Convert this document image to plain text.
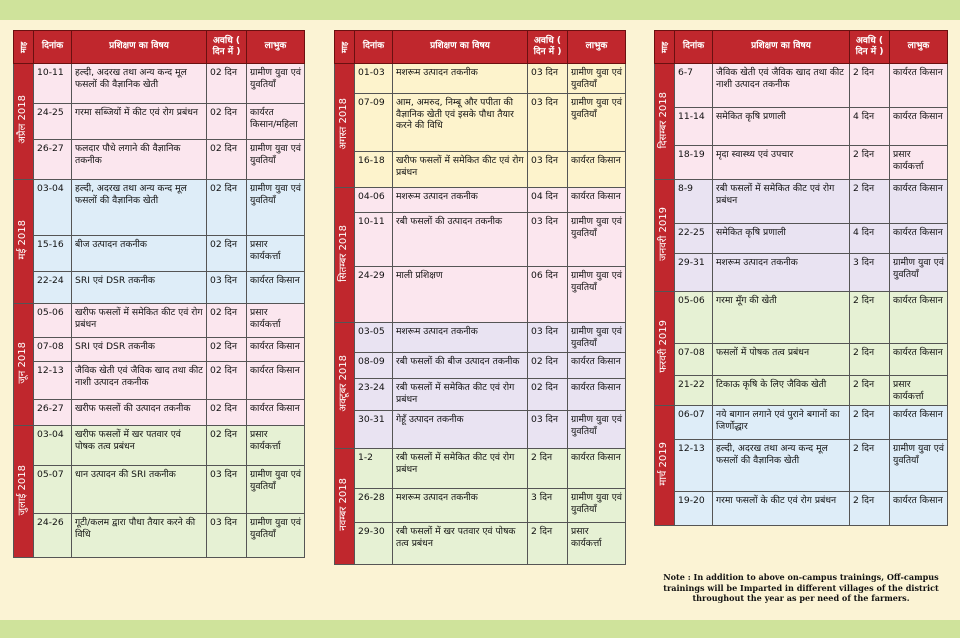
माह	दिनांक	प्रशिक्षण का विषय	अवधि ( दिन में )	लाभुक
अप्रैल 2018	10-11	हल्दी, अदरख तथा अन्य कन्द मूल फसलों की वैज्ञानिक खेती	02 दिन	ग्रामीण युवा एवं युवतियाँ
	24-25	गरमा सब्जियों में कीट एवं रोग प्रबंधन	02 दिन	कार्यरत किसान/महिला
	26-27	फलदार पौधे लगाने की वैज्ञानिक तकनीक	02 दिन	ग्रामीण युवा एवं युवतियाँ
मई 2018	03-04	हल्दी, अदरख तथा अन्य कन्द मूल फसलों की वैज्ञानिक खेती	02 दिन	ग्रामीण युवा एवं युवतियाँ
	15-16	बीज उत्पादन तकनीक	02 दिन	प्रसार कार्यकर्त्ता
	22-24	SRI एवं DSR तकनीक	03 दिन	कार्यरत किसान
जून 2018	05-06	खरीफ फसलों में समेकित कीट एवं रोग प्रबंधन	02 दिन	प्रसार कार्यकर्त्ता
	07-08	SRI एवं DSR तकनीक	02 दिन	कार्यरत किसान
	12-13	जैविक खेती एवं जैविक खाद तथा कीट नाशी उत्पादन तकनीक	02 दिन	कार्यरत किसान
	26-27	खरीफ फसलों की उत्पादन तकनीक	02 दिन	कार्यरत किसान
जुलाई 2018	03-04	खरीफ फसलों में खर पतवार एवं पोषक तत्व प्रबंधन	02 दिन	प्रसार कार्यकर्त्ता
	05-07	धान उत्पादन की SRI तकनीक	03 दिन	ग्रामीण युवा एवं युवतियाँ
	24-26	गूटी/कलम द्वारा पौधा तैयार करने की विधि	03 दिन	ग्रामीण युवा एवं युवतियाँ
माह	दिनांक	प्रशिक्षण का विषय	अवधि ( दिन में )	लाभुक
अगस्त 2018	01-03	मशरूम उत्पादन तकनीक	03 दिन	ग्रामीण युवा एवं युवतियाँ
	07-09	आम, अमरुद, निम्बू और पपीता की वैज्ञानिक खेती एवं इसके पौधा तैयार करने की विधि	03 दिन	ग्रामीण युवा एवं युवतियाँ
	16-18	खरीफ फसलों में समेकित कीट एवं रोग प्रबंधन	03 दिन	कार्यरत किसान
सितम्बर 2018	04-06	मशरूम उत्पादन तकनीक	04 दिन	कार्यरत किसान
	10-11	रबी फसलों की उत्पादन तकनीक	03 दिन	ग्रामीण युवा एवं युवतियाँ
	24-29	माली प्रशिक्षण	06 दिन	ग्रामीण युवा एवं युवतियाँ
अक्टूबर 2018	03-05	मशरूम उत्पादन तकनीक	03 दिन	ग्रामीण युवा एवं युवतियाँ
	08-09	रबी फसलों की बीज उत्पादन तकनीक	02 दिन	कार्यरत किसान
	23-24	रबी फसलों में समेकित कीट एवं रोग प्रबंधन	02 दिन	कार्यरत किसान
	30-31	गेहूँ उत्पादन तकनीक	03 दिन	ग्रामीण युवा एवं युवतियाँ
नवम्बर 2018	1-2	रबी फसलों में समेकित कीट एवं रोग प्रबंधन	2 दिन	कार्यरत किसान
	26-28	मशरूम उत्पादन तकनीक	3 दिन	ग्रामीण युवा एवं युवतियाँ
	29-30	रबी फसलों में खर पतवार एवं पोषक तत्व प्रबंधन	2 दिन	प्रसार कार्यकर्त्ता
माह	दिनांक	प्रशिक्षण का विषय	अवधि ( दिन में )	लाभुक
दिसम्बर 2018	6-7	जैविक खेती एवं जैविक खाद तथा कीट नाशी उत्पादन तकनीक	2 दिन	कार्यरत किसान
	11-14	समेकित कृषि प्रणाली	4 दिन	कार्यरत किसान
	18-19	मृदा स्वास्थ्य एवं उपचार	2 दिन	प्रसार कार्यकर्त्ता
जनवरी 2019	8-9	रबी फसलों में समेकित कीट एवं रोग प्रबंधन	2 दिन	कार्यरत किसान
	22-25	समेकित कृषि प्रणाली	4 दिन	कार्यरत किसान
	29-31	मशरूम उत्पादन तकनीक	3 दिन	ग्रामीण युवा एवं युवतियाँ
फरवरी 2019	05-06	गरमा मूँग की खेती	2 दिन	कार्यरत किसान
	07-08	फसलों में पोषक तत्व प्रबंधन	2 दिन	कार्यरत किसान
	21-22	टिकाऊ कृषि के लिए जैविक खेती	2 दिन	प्रसार कार्यकर्त्ता
मार्च 2019	06-07	नये बागान लगाने एवं पुराने बगानों का जिर्णोद्धार	2 दिन	कार्यरत किसान
	12-13	हल्दी, अदरख तथा अन्य कन्द मूल फसलों की वैज्ञानिक खेती	2 दिन	ग्रामीण युवा एवं युवतियाँ
	19-20	गरमा फसलों के कीट एवं रोग प्रबंधन	2 दिन	कार्यरत किसान
Note : In addition to above on-campus trainings, Off-campus trainings will be Imparted in different villages of the district throughout the year as per need of the farmers.
